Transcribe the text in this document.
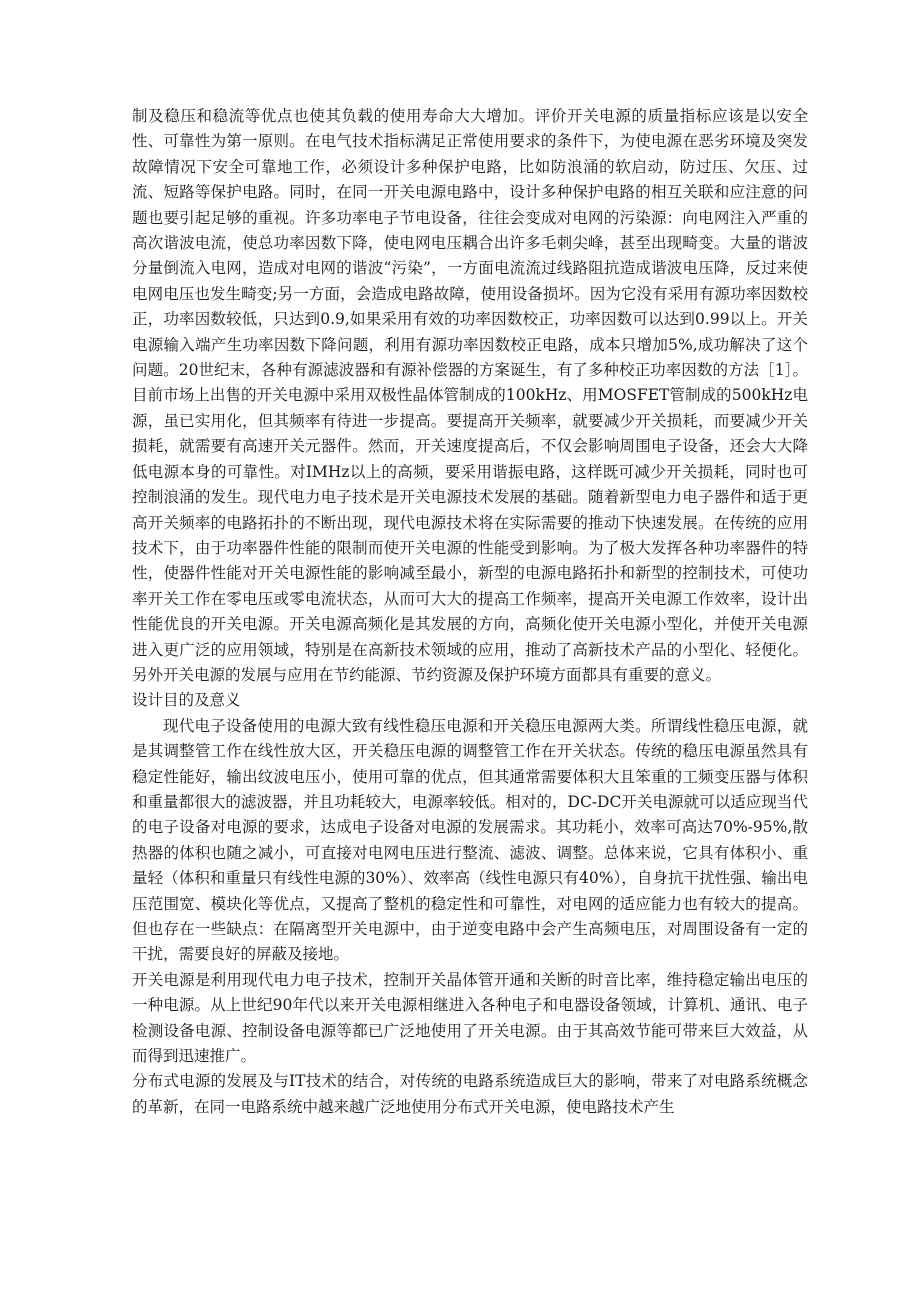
制及稳压和稳流等优点也使其负载的使用寿命大大增加。评价开关电源的质量指标应该是以安全性、可靠性为第一原则。在电气技术指标满足正常使用要求的条件下，为使电源在恶劣环境及突发故障情况下安全可靠地工作，必须设计多种保护电路，比如防浪涌的软启动，防过压、欠压、过流、短路等保护电路。同时，在同一开关电源电路中，设计多种保护电路的相互关联和应注意的问题也要引起足够的重视。许多功率电子节电设备，往往会变成对电网的污染源：向电网注入严重的高次谐波电流，使总功率因数下降，使电网电压耦合出许多毛刺尖峰，甚至出现畸变。大量的谐波分量倒流入电网，造成对电网的谐波“污染”，一方面电流流过线路阻抗造成谐波电压降，反过来使电网电压也发生畸变;另一方面，会造成电路故障，使用设备损坏。因为它没有采用有源功率因数校正，功率因数较低，只达到0.9,如果采用有效的功率因数校正，功率因数可以达到0.99以上。开关电源输入端产生功率因数下降问题，利用有源功率因数校正电路，成本只增加5%,成功解决了这个问题。20世纪末，各种有源滤波器和有源补偿器的方案诞生，有了多种校正功率因数的方法［1］。目前市场上出售的开关电源中采用双极性晶体管制成的100kHz、用MOSFET管制成的500kHz电源，虽已实用化，但其频率有待进一步提高。要提高开关频率，就要减少开关损耗，而要减少开关损耗，就需要有高速开关元器件。然而，开关速度提高后，不仅会影响周围电子设备，还会大大降低电源本身的可靠性。对IMHz以上的高频，要采用谐振电路，这样既可减少开关损耗，同时也可控制浪涌的发生。现代电力电子技术是开关电源技术发展的基础。随着新型电力电子器件和适于更高开关频率的电路拓扑的不断出现，现代电源技术将在实际需要的推动下快速发展。在传统的应用技术下，由于功率器件性能的限制而使开关电源的性能受到影响。为了极大发挥各种功率器件的特性，使器件性能对开关电源性能的影响减至最小，新型的电源电路拓扑和新型的控制技术，可使功率开关工作在零电压或零电流状态，从而可大大的提高工作频率，提高开关电源工作效率，设计出性能优良的开关电源。开关电源高频化是其发展的方向，高频化使开关电源小型化，并使开关电源进入更广泛的应用领域，特别是在高新技术领域的应用，推动了高新技术产品的小型化、轻便化。另外开关电源的发展与应用在节约能源、节约资源及保护环境方面都具有重要的意义。

设计目的及意义

现代电子设备使用的电源大致有线性稳压电源和开关稳压电源两大类。所谓线性稳压电源，就是其调整管工作在线性放大区，开关稳压电源的调整管工作在开关状态。传统的稳压电源虽然具有稳定性能好，输出纹波电压小，使用可靠的优点，但其通常需要体积大且笨重的工频变压器与体积和重量都很大的滤波器，并且功耗较大，电源率较低。相对的，DC-DC开关电源就可以适应现当代的电子设备对电源的要求，达成电子设备对电源的发展需求。其功耗小，效率可高达70%-95%,散热器的体积也随之减小，可直接对电网电压进行整流、滤波、调整。总体来说，它具有体积小、重量轻（体积和重量只有线性电源的30%）、效率高（线性电源只有40%），自身抗干扰性强、输出电压范围宽、模块化等优点，又提高了整机的稳定性和可靠性，对电网的适应能力也有较大的提高。但也存在一些缺点：在隔离型开关电源中，由于逆变电路中会产生高频电压，对周围设备有一定的干扰，需要良好的屏蔽及接地。

开关电源是利用现代电力电子技术，控制开关晶体管开通和关断的时音比率，维持稳定输出电压的一种电源。从上世纪90年代以来开关电源相继进入各种电子和电器设备领域，计算机、通讯、电子检测设备电源、控制设备电源等都已广泛地使用了开关电源。由于其高效节能可带来巨大效益，从而得到迅速推广。

分布式电源的发展及与IT技术的结合，对传统的电路系统造成巨大的影响，带来了对电路系统概念的革新，在同一电路系统中越来越广泛地使用分布式开关电源，使电路技术产生
